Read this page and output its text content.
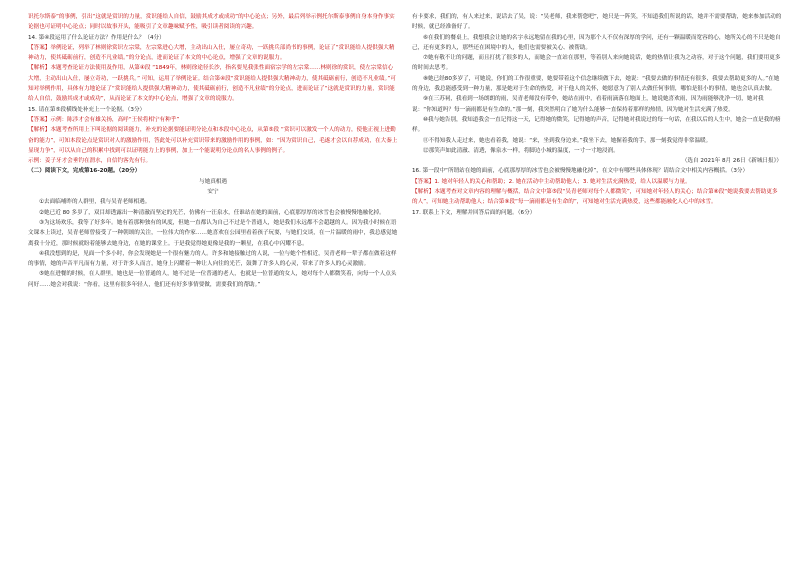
识托尔斯泰”的事例，引出“这就是赏识的力量，赏识能给人自信，鼓励其成才或成功”的中心论点；另外，最后列举示例托尔斯泰事例自身本身作事实论据也可证明中心论点；同时以故事开头，能吸引了文章趣味赋予性，吸引读者阅读的兴趣。

14. 第④段运用了什么论证方法？作用是什么？（4分）

【答案】举例论证，列举了林则徐赏识左宗棠，左宗棠进心大增，主动出山入仕，屡立奇功，一跃挑兵部尚书的事例，论证了“赏识能给人提供强大精神动力，使其砥砺前行，创造不凡业绩。”的分论点，进而论证了本文的中心论点，增强了文章的说服力。

【解析】本题考查论证方法使用及作用，从第④段 “1849年，林则徐途径长沙，指名要见我张性面宿宗学的左宗棠……林则徐的赏识，使左宗棠信心大增，主动出山入仕，屡立奇功，一跃挑兵。” 可知，运用了举例论证。结合第④段“赏识能给人提供强大精神动力，使其砥砺前行，创造不凡业绩。”可知对举例作用，具体有力地论证了“赏识能给人提供强大精神动力，使其砥砺前行，创造不凡业绩”的分论点，进而论证了“这就是赏识的力量，赏识能给人自信，鼓励其成才或成功”，从而论证了本文的中心论点，增强了文章的说服力。

15. 请在第⑤段横线处补充上一个论据。（3分）

【答案】示例：陈涉才会有雄关扬，高呼“王侯将相宁有种乎”

【解析】本题考查所用上下叫论据的阅读能力，补充的论据要能证明分论点和本段中心论点，从第⑤段 “赏识可以激发一个人的动力，使他正视上进勤奋的能力”，可知本段论点是赏识对人的激励作用，答此处可以补充赏识带来的激励作用的事例，如：“因为赏识自己，毛遂才会以自荐成功，在大秦上显现力争”，可以从自己的积累中找到可以证明能力上的事例，加上一个能说明分论点的名人事例的例子。

示例：姜子牙才会垂钓在渭水，自信钓客先有行。

（二）阅读下文，完成第16-20题。（20分）

与她真相遇

安宁

①去面临哺昨的人群里，我与吴青老师相遇。

②她已近 80 多岁了，双目却透露出一种清澈而坚定的光芒，仿佛有一汪泉水，任谁站在她的面前，心底那厚厚的冰雪也会被慢慢地融化掉。

③为这场欢乐，我等了好多年。她有着那种独有的风度，但她一直都认为自己不过是个普通人，她是我们永远都不会超越的人。因为我小时候在语文课本上读过，吴青老师曾接受了一种朝颂的关注，一位伟大的作家……她喜欢在公园里看着孩子玩耍，与她们交谈，在一片温暖的雨中，我总感觉她离我十分近，那时候就盼着能够去她身边，在她的课堂上。于是我觉得她更像是我的一颗星，在我心中闪耀不息。

④我没想到的是，见面一个多小时，你会发现她是一个很有魅力的人。许多和她接触过的人说，一位与她个性相近，吴青老师一辈子都在做着这样的事情，她的声音平凡而有力量，对于许多人而言，她身上闪耀着一种让人向往的光芒，鼓舞了许多人的心灵，带来了许多人的心灵激励。

⑤她在进餐的时候，在人群里，她也是一位普通的人，她不过是一位普通的老人，也就是一位普通的女人，她对每个人都微笑着，向每一个人点头问好……她会对我说：“你看，这里有很多年轻人，他们还有好多事情要做，需要我们的帮助。”

有卡要求，我们的，有人来过来，说话去了吴，说：“吴老师，我来帮您吧”，她只是一阵笑，不知道我们所说的话，她并不需要帮助，她来参加活动的时候，就已经准备好了。

⑥在我们的餐桌上，我想我会让她的名字永远地留在我的心里，因为那个人不仅有深厚的学问，还有一颗温暖而宽容的心，她所关心的不只是她自己，还有更多的人，那些还在困境中的人，他们也需要被关心、被帮助。

⑦她有敬不让的问题，而且打扰了很多的人，而她会一直站在那里，等着别人来向她说话，她的热情让我为之动容，对于这个问题，我们要用更多的时间去思考。

⑧她已经80多岁了，可她说，你们的工作很重要，她要带着这个信念继续做下去，她说：“我要去做的事情还有很多，我要去帮助更多的人。”在她的身边，我总能感受到一种力量，那是她对于生命的热爱，对于他人的关怀，她愿意为了别人去做任何事情，哪怕是很小的事情，她也会认真去做。

⑨在三苏祠，我看到一场朗朗的雨，吴青老师没有带伞，她站在雨中，看着雨滴落在地面上，她说她喜欢雨，因为雨能够洗净一切，她对我说：“你知道吗？每一滴雨都是有生命的。”那一刻，我突然明白了她为什么能够一直保持着那样的热情，因为她对生活充满了热爱。

⑩我与她告别，我知道我会一直记得这一天，记得她的微笑，记得她的声音，记得她对我说过的每一句话，在我以后的人生中，她会一直是我的榜样。

⑪不得知我人走过来，她也看着我，她说：“来，坐到我身边来。”我坐下去，她握着我的手，那一刻我觉得非常温暖。

⑫那笑声如此清澈、清透，像泉水一样，将脚边小城的温度，一寸一寸地浸润。

（选自 2021年 8月 26日《新城日报》）

16. 第一段中“所谓站在她的面前，心底那厚厚的冰雪也会被慢慢地融化掉”，在文中有哪些具体体现？请结合文中相关内容概括。（3分）

【答案】1. 她对年轻人的关心和帮助；2. 她在活动中主动帮助他人；3. 她对生活充满热爱，给人以温暖与力量。

【解析】本题考查对文章内容的理解与概括，结合文中第⑤段“吴青老师对每个人都微笑”，可知她对年轻人的关心；结合第⑧段“她说我要去帮助更多的人”，可知她主动帮助他人；结合第⑨段“每一滴雨都是有生命的”，可知她对生活充满热爱，这些都能融化人心中的冰雪。

17. 联系上下文，理解并回答后面的问题。（6分）
